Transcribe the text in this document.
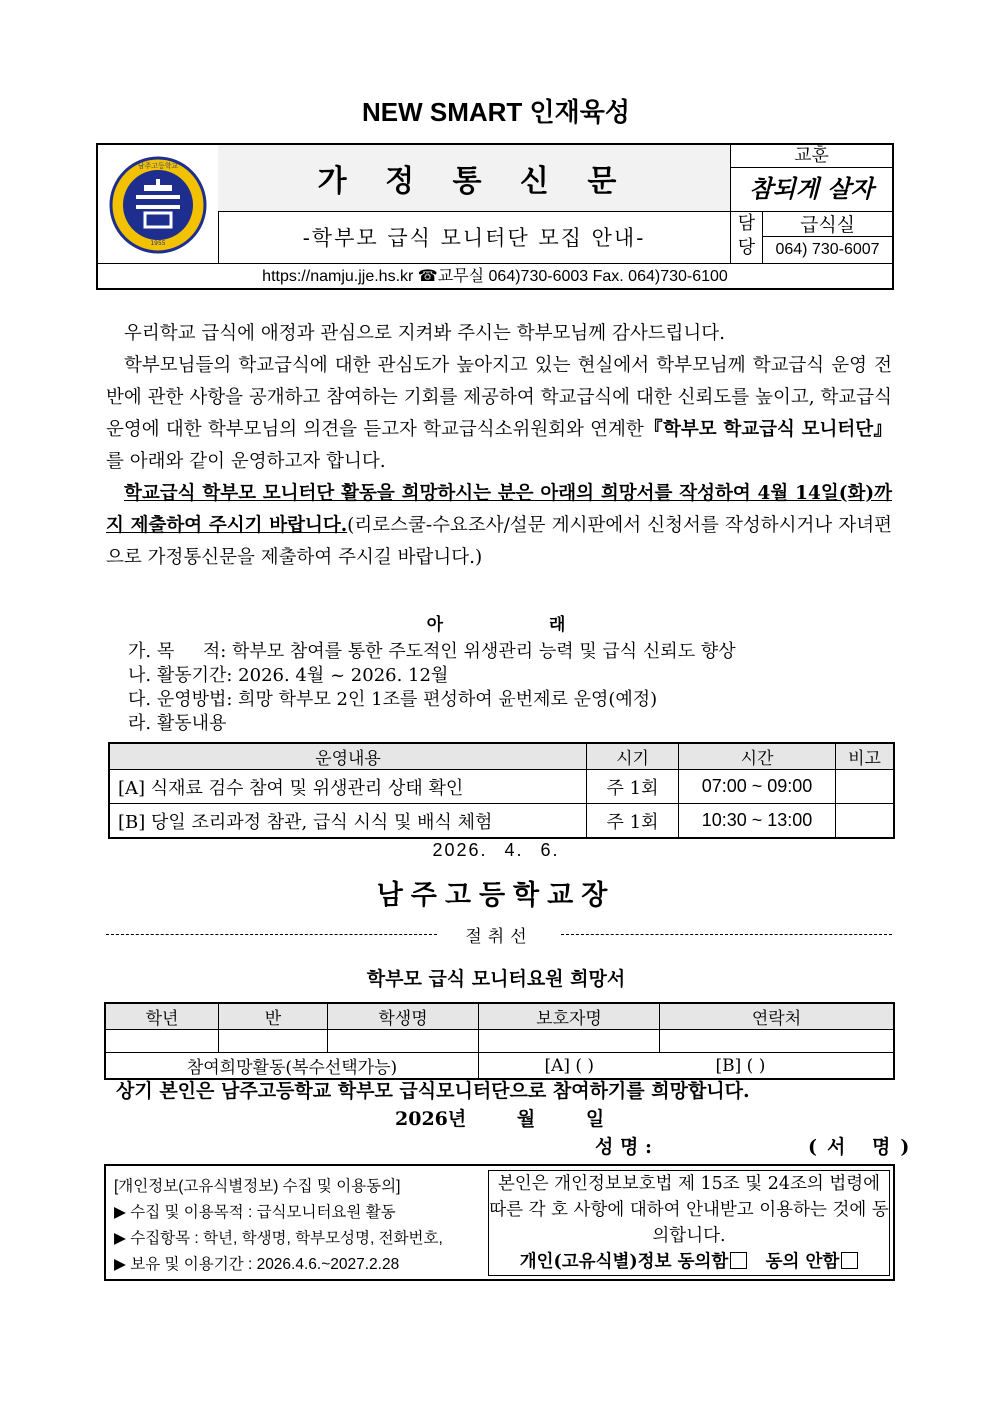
NEW SMART 인재육성
남주고등학교
1955
가 정 통 신 문
-학부모 급식 모니터단 모집 안내-
교훈
참되게 살자
담 당
급식실
064) 730-6007
https://namju.jje.hs.kr ☎교무실 064)730-6003 Fax. 064)730-6100
우리학교 급식에 애정과 관심으로 지켜봐 주시는 학부모님께 감사드립니다.
학부모님들의 학교급식에 대한 관심도가 높아지고 있는 현실에서 학부모님께 학교급식 운영 전반에 관한 사항을 공개하고 참여하는 기회를 제공하여 학교급식에 대한 신뢰도를 높이고, 학교급식 운영에 대한 학부모님의 의견을 듣고자 학교급식소위원회와 연계한『학부모 학교급식 모니터단』를 아래와 같이 운영하고자 합니다.
학교급식 학부모 모니터단 활동을 희망하시는 분은 아래의 희망서를 작성하여 4월 14일(화)까지 제출하여 주시기 바랍니다.(리로스쿨-수요조사/설문 게시판에서 신청서를 작성하시거나 자녀편으로 가정통신문을 제출하여 주시길 바랍니다.)
아 래
가. 목     적: 학부모 참여를 통한 주도적인 위생관리 능력 및 급식 신뢰도 향상
나. 활동기간: 2026. 4월 ~ 2026. 12월
다. 운영방법: 희망 학부모 2인 1조를 편성하여 윤번제로 운영(예정)
라. 활동내용
운영내용	시기	시간	비고
[A] 식재료 검수 참여 및 위생관리 상태 확인	주 1회	07:00 ~ 09:00	
[B] 당일 조리과정 참관, 급식 시식 및 배식 체험	주 1회	10:30 ~ 13:00	
2026. 4. 6.
남주고등학교장
절취선
학부모 급식 모니터요원 희망서
학년	반	학생명	보호자명	연락처

참여희망활동(복수선택가능)			[A] ( )	[B] ( )
상기 본인은 남주고등학교 학부모 급식모니터단으로 참여하기를 희망합니다.
2026년 월 일
성 명 :	(서 명)
[개인정보(고유식별정보) 수집 및 이용동의]
▶ 수집 및 이용목적 : 급식모니터요원 활동
▶ 수집항목 : 학년, 학생명, 학부모성명, 전화번호,
▶ 보유 및 이용기간 : 2026.4.6.~2027.2.28
본인은 개인정보보호법 제 15조 및 24조의 법령에 따른 각 호 사항에 대하여 안내받고 이용하는 것에 동의합니다.
개인(고유식별)정보 동의함 동의 안함
